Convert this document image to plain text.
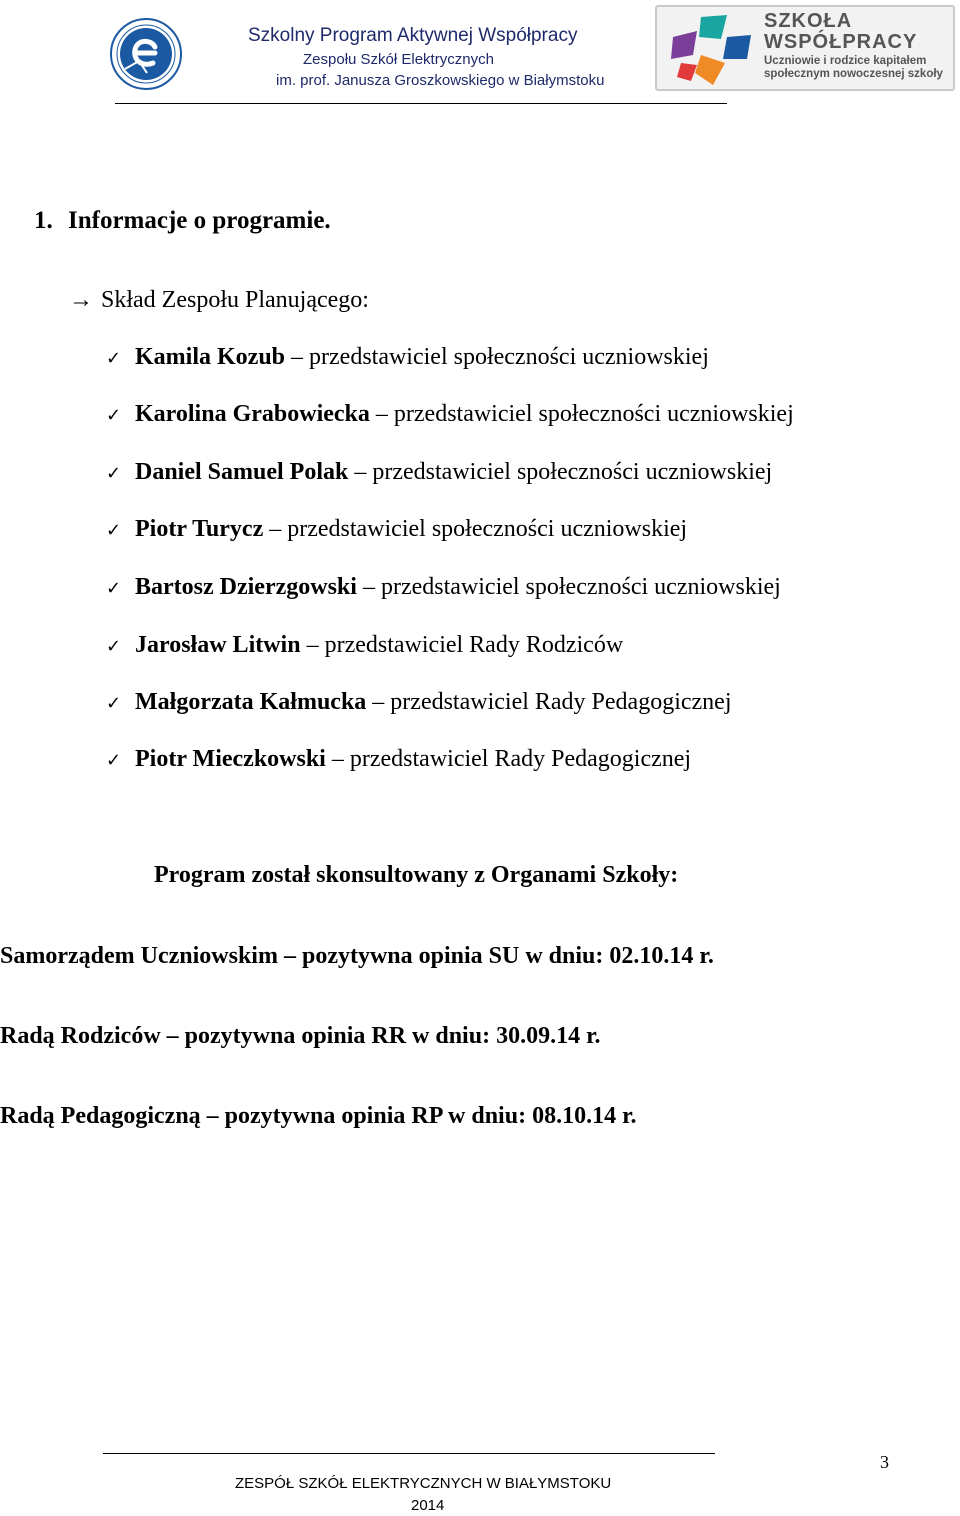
Szkolny Program Aktywnej Współpracy
Zespołu Szkół Elektrycznych
im. prof. Janusza Groszkowskiego w Białymstoku
SZKOŁA
WSPÓŁPRACY
Uczniowie i rodzice kapitałem
społecznym nowoczesnej szkoły
1. Informacje o programie.
→ Skład Zespołu Planującego:
✓ Kamila Kozub – przedstawiciel społeczności uczniowskiej
✓ Karolina Grabowiecka – przedstawiciel społeczności uczniowskiej
✓ Daniel Samuel Polak – przedstawiciel społeczności uczniowskiej
✓ Piotr Turycz – przedstawiciel społeczności uczniowskiej
✓ Bartosz Dzierzgowski – przedstawiciel społeczności uczniowskiej
✓ Jarosław Litwin – przedstawiciel Rady Rodziców
✓ Małgorzata Kałmucka – przedstawiciel Rady Pedagogicznej
✓ Piotr Mieczkowski – przedstawiciel Rady Pedagogicznej
Program został skonsultowany z Organami Szkoły:
Samorządem Uczniowskim – pozytywna opinia SU w dniu: 02.10.14 r.
Radą Rodziców – pozytywna opinia RR w dniu: 30.09.14 r.
Radą Pedagogiczną – pozytywna opinia RP w dniu: 08.10.14 r.
3
ZESPÓŁ SZKÓŁ ELEKTRYCZNYCH W BIAŁYMSTOKU
2014
